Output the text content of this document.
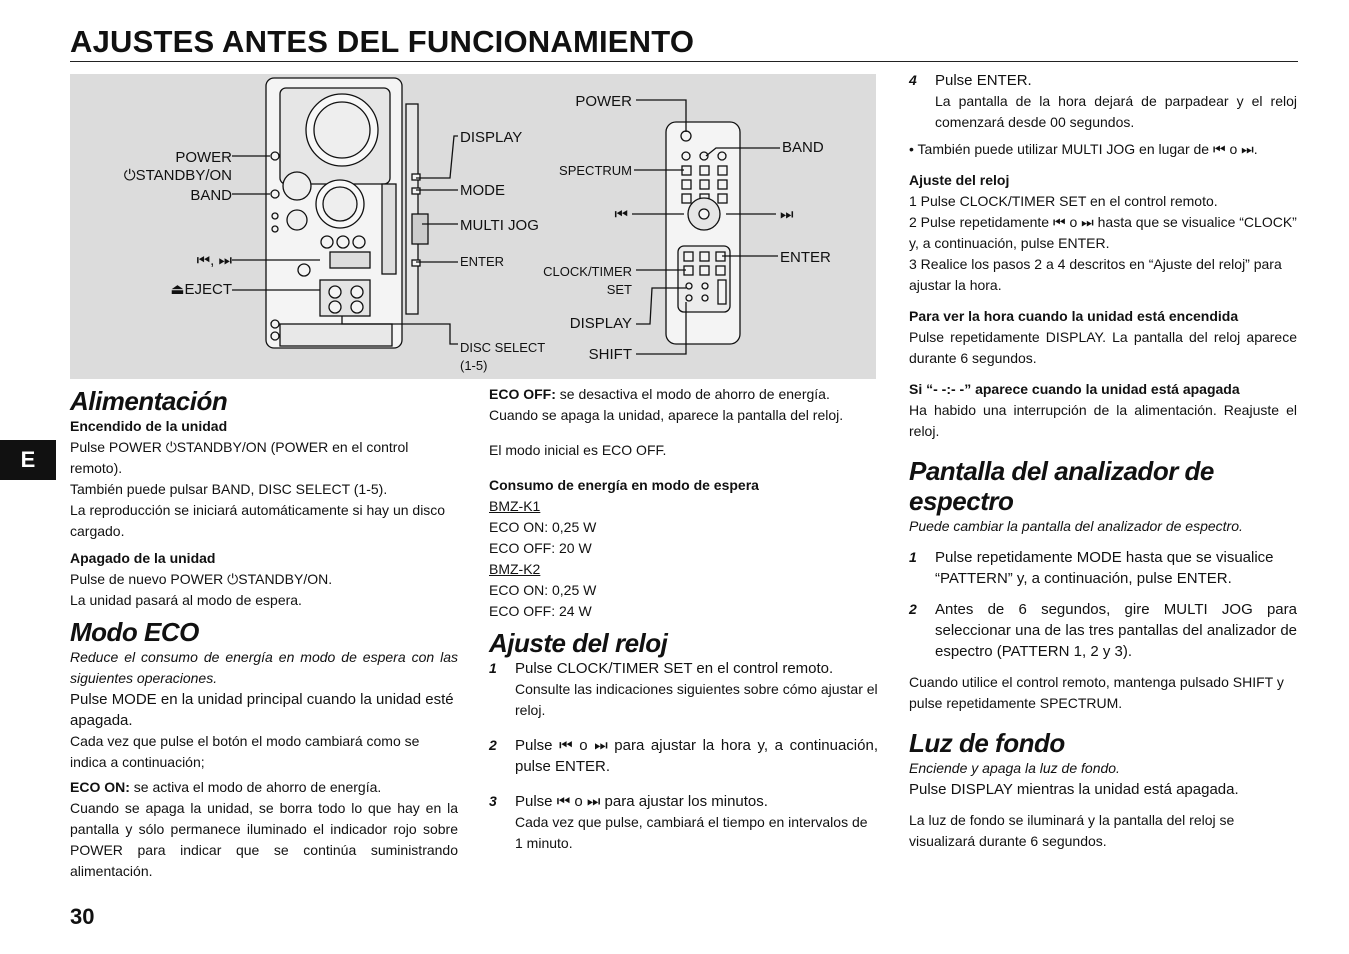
AJUSTES ANTES DEL FUNCIONAMIENTO
E
30
POWER
⏻STANDBY/ON
BAND
⏮, ⏭
⏏EJECT
DISPLAY
MODE
MULTI JOG
ENTER
DISC SELECT
(1-5)
POWER
SPECTRUM
⏮	⏭
BAND
ENTER
CLOCK/TIMER
SET
DISPLAY
SHIFT
Alimentación

Encendido de la unidad

Pulse POWER ⏻STANDBY/ON (POWER en el control remoto).

También puede pulsar BAND, DISC SELECT (1-5).

La reproducción se iniciará automáticamente si hay un disco cargado.

Apagado de la unidad

Pulse de nuevo POWER ⏻STANDBY/ON.

La unidad pasará al modo de espera.

Modo ECO

Reduce el consumo de energía en modo de espera con las siguientes operaciones.

Pulse MODE en la unidad principal cuando la unidad esté apagada.

Cada vez que pulse el botón el modo cambiará como se indica a continuación;

ECO ON: se activa el modo de ahorro de energía.

Cuando se apaga la unidad, se borra todo lo que hay en la pantalla y sólo permanece iluminado el indicador rojo sobre POWER para indicar que se continúa suministrando alimentación.

ECO OFF: se desactiva el modo de ahorro de energía.

Cuando se apaga la unidad, aparece la pantalla del reloj.

El modo inicial es ECO OFF.

Consumo de energía en modo de espera

BMZ-K1

ECO ON: 0,25 W

ECO OFF: 20 W

BMZ-K2

ECO ON: 0,25 W

ECO OFF: 24 W

Ajuste del reloj
1	Pulse CLOCK/TIMER SET en el control remoto.

Consulte las indicaciones siguientes sobre cómo ajustar el reloj.

2	Pulse ⏮ o ⏭ para ajustar la hora y, a continuación, pulse ENTER.

3	Pulse ⏮ o ⏭ para ajustar los minutos.

Cada vez que pulse, cambiará el tiempo en intervalos de 1 minuto.

4	Pulse ENTER.

La pantalla de la hora dejará de parpadear y el reloj comenzará desde 00 segundos.

• También puede utilizar MULTI JOG en lugar de ⏮ o ⏭.

Ajuste del reloj

1 Pulse CLOCK/TIMER SET en el control remoto.

2 Pulse repetidamente ⏮ o ⏭ hasta que se visualice “CLOCK” y, a continuación, pulse ENTER.

3 Realice los pasos 2 a 4 descritos en “Ajuste del reloj” para ajustar la hora.

Para ver la hora cuando la unidad está encendida

Pulse repetidamente DISPLAY. La pantalla del reloj aparece durante 6 segundos.

Si “- -:- -” aparece cuando la unidad está apagada

Ha habido una interrupción de la alimentación. Reajuste el reloj.

Pantalla del analizador de espectro

Puede cambiar la pantalla del analizador de espectro.

1	Pulse repetidamente MODE hasta que se visualice “PATTERN” y, a continuación, pulse ENTER.

2	Antes de 6 segundos, gire MULTI JOG para seleccionar una de las tres pantallas del analizador de espectro (PATTERN 1, 2 y 3).

Cuando utilice el control remoto, mantenga pulsado SHIFT y pulse repetidamente SPECTRUM.

Luz de fondo

Enciende y apaga la luz de fondo.

Pulse DISPLAY mientras la unidad está apagada.

La luz de fondo se iluminará y la pantalla del reloj se visualizará durante 6 segundos.
